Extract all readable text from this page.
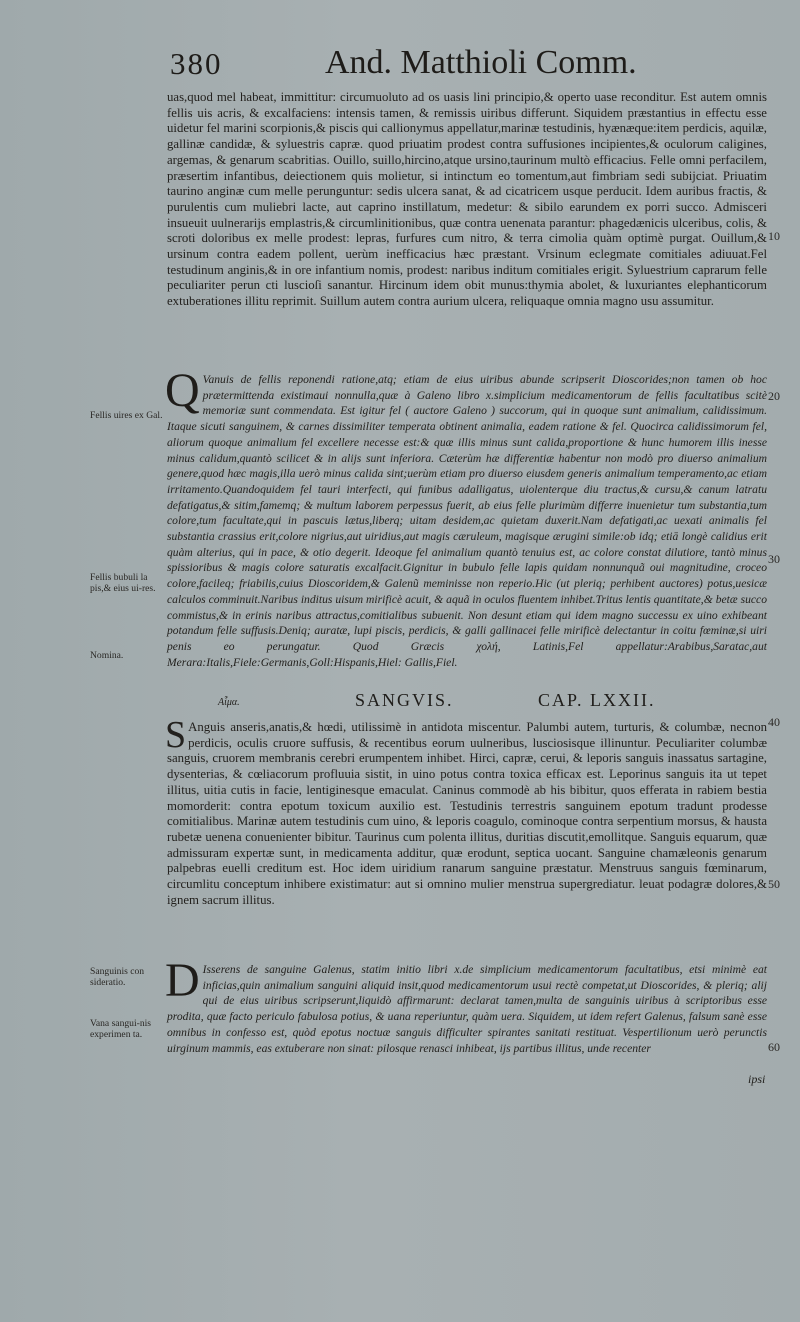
380	And. Matthioli Comm.

uas,quod mel habeat, immittitur: circumuoluto ad os uasis lini principio,& operto uase reconditur. Est autem omnis fellis uis acris, & excalfaciens: intensis tamen, & remissis uiribus differunt. Siquidem præstantius in effectu esse uidetur fel marini scorpionis,& piscis qui callionymus appellatur,marinæ testudinis, hyænæque:item perdicis, aquilæ, gallinæ candidæ, & syluestris capræ. quod priuatim prodest contra suffusiones incipientes,& oculorum caligines, argemas, & genarum scabritias. Ouillo, suillo,hircino,atque ursino,taurinum multò efficacius. Felle omni perfacilem, præsertim infantibus, deiectionem quis molietur, si intinctum eo tomentum,aut fimbriam sedi subijciat. Priuatim taurino anginæ cum melle perunguntur: sedis ulcera sanat, & ad cicatricem usque perducit. Idem auribus fractis, & purulentis cum muliebri lacte, aut caprino instillatum, medetur: & sibilo earundem ex porri succo. Admisceri insueuit uulnerarijs emplastris,& circumlinitionibus, quæ contra uenenata parantur: phagedænicis ulceribus, colis, & scroti doloribus ex melle prodest: lepras, furfures cum nitro, & terra cimolia quàm optimè purgat. Ouillum,& ursinum contra eadem pollent, uerùm inefficacius hæc præstant. Vrsinum eclegmate comitiales adiuuat.Fel testudinum anginis,& in ore infantium nomis, prodest: naribus inditum comitiales erigit. Syluestrium caprarum felle peculiariter perun cti luscioſi sanantur. Hircinum idem obit munus:thymia abolet, & luxuriantes elephanticorum extuberationes illitu reprimit. Suillum autem contra aurium ulcera, reliquaque omnia magno usu assumitur.

Q Vanuis de fellis reponendi ratione,atq; etiam de eius uiribus abunde scripserit Dioscorides;non tamen ob hoc prætermittenda existimaui nonnulla,quæ à Galeno libro x.simplicium medicamentorum de fellis facultatibus scitè memoriæ sunt commendata. Est igitur fel ( auctore Galeno ) succorum, qui in quoque sunt animalium, calidissimum. Itaque sicuti sanguinem, & carnes dissimiliter temperata obtinent animalia, eadem ratione & fel. Quocirca calidissimorum fel, aliorum quoque animalium fel excellere necesse est:& quæ illis minus sunt calida,proportione & hunc humorem illis inesse minus calidum,quantò scilicet & in alijs sunt inferiora. Cæterùm hæ differentiæ habentur non modò pro diuerso animalium genere,quod hæc magis,illa uerò minus calida sint;uerùm etiam pro diuerso eiusdem generis animalium temperamento,ac etiam irritamento.Quandoquidem fel tauri interfecti, qui funibus adalligatus, uiolenterque diu tractus,& cursu,& canum latratu defatigatus,& sitim,famemq; & multum laborem perpessus fuerit, ab eius felle plurimùm differre inuenietur tum substantia,tum colore,tum facultate,qui in pascuis lætus,liberq; uitam desidem,ac quietam duxerit.Nam defatigati,ac uexati animalis fel substantia crassius erit,colore nigrius,aut uiridius,aut magis cæruleum, magisque ærugini simile:ob idq; etiā longè calidius erit quàm alterius, qui in pace, & otio degerit. Ideoque fel animalium quantò tenuius est, ac colore constat dilutiore, tantò minus spissioribus & magis colore saturatis excalfacit.Gignitur in bubulo felle lapis quidam nonnunquã oui magnitudine, croceo colore,facileq; friabilis,cuius Dioscoridem,& Galenũ meminisse non reperio.Hic (ut pleriq; perhibent auctores) potus,uesicæ calculos comminuit.Naribus inditus uisum mirificè acuit, & aquã in oculos fluentem inhibet.Tritus lentis quantitate,& betæ succo commistus,& in erinis naribus attractus,comitialibus subuenit. Non desunt etiam qui idem magno successu ex uino exhibeant potandum felle suffusis.Deniq; auratæ, lupi piscis, perdicis, & galli gallinacei felle mirificè delectantur in coitu fœminæ,si uiri penis eo perungatur. Quod Græcis χολή, Latinis,Fel appellatur:Arabibus,Saratac,aut Merara:Italis,Fiele:Germanis,Goll:Hispanis,Hiel: Gallis,Fiel.
Αἷμα.	SANGVIS.	CAP. LXXII.
S Anguis anseris,anatis,& hœdi, utilissimè in antidota miscentur. Palumbi autem, turturis, & columbæ, necnon perdicis, oculis cruore suffusis, & recentibus eorum uulneribus, lusciosisque illinuntur. Peculiariter columbæ sanguis, cruorem membranis cerebri erumpentem inhibet. Hirci, capræ, cerui, & leporis sanguis inassatus sartagine, dysenterias, & cœliacorum profluuia sistit, in uino potus contra toxica efficax est. Leporinus sanguis ita ut tepet illitus, uitia cutis in facie, lentiginesque emaculat. Caninus commodè ab his bibitur, quos efferata in rabiem bestia momorderit: contra epotum toxicum auxilio est. Testudinis terrestris sanguinem epotum tradunt prodesse comitialibus. Marinæ autem testudinis cum uino, & leporis coagulo, cominoque contra serpentium morsus, & hausta rubetæ uenena conuenienter bibitur. Taurinus cum polenta illitus, duritias discutit,emollitque. Sanguis equarum, quæ admissuram expertæ sunt, in medicamenta additur, quæ erodunt, septica uocant. Sanguine chamæleonis genarum palpebras euelli creditum est. Hoc idem uiridium ranarum sanguine præstatur. Menstruus sanguis fœminarum, circumlitu conceptum inhibere existimatur: aut si omnino mulier menstrua supergrediatur. leuat podagræ dolores,& ignem sacrum illitus.
D Isserens de sanguine Galenus, statim initio libri x.de simplicium medicamentorum facultatibus, etsi minimè eat inficias,quin animalium sanguini aliquid insit,quod medicamentorum usui rectè competat,ut Dioscorides, & pleriq; alij qui de eius uiribus scripserunt,liquidò affirmarunt: declarat tamen,multa de sanguinis uiribus à scriptoribus esse prodita, quæ facto periculo fabulosa potius, & uana reperiuntur, quàm uera. Siquidem, ut idem refert Galenus, falsum sanè esse omnibus in confesso est, quòd epotus noctuæ sanguis difficulter spirantes sanitati restituat. Vespertilionum uerò perunctis uirginum mammis, eas extuberare non sinat: pilosque renasci inhibeat, ijs partibus illitus, unde recenter
ipsi
Fellis uires ex Gal.
Fellis bubuli la pis,& eius ui-res.
Nomina.
Sanguinis con sideratio.
Vana sangui-nis experimen ta.
10
20
30
40
50
60
